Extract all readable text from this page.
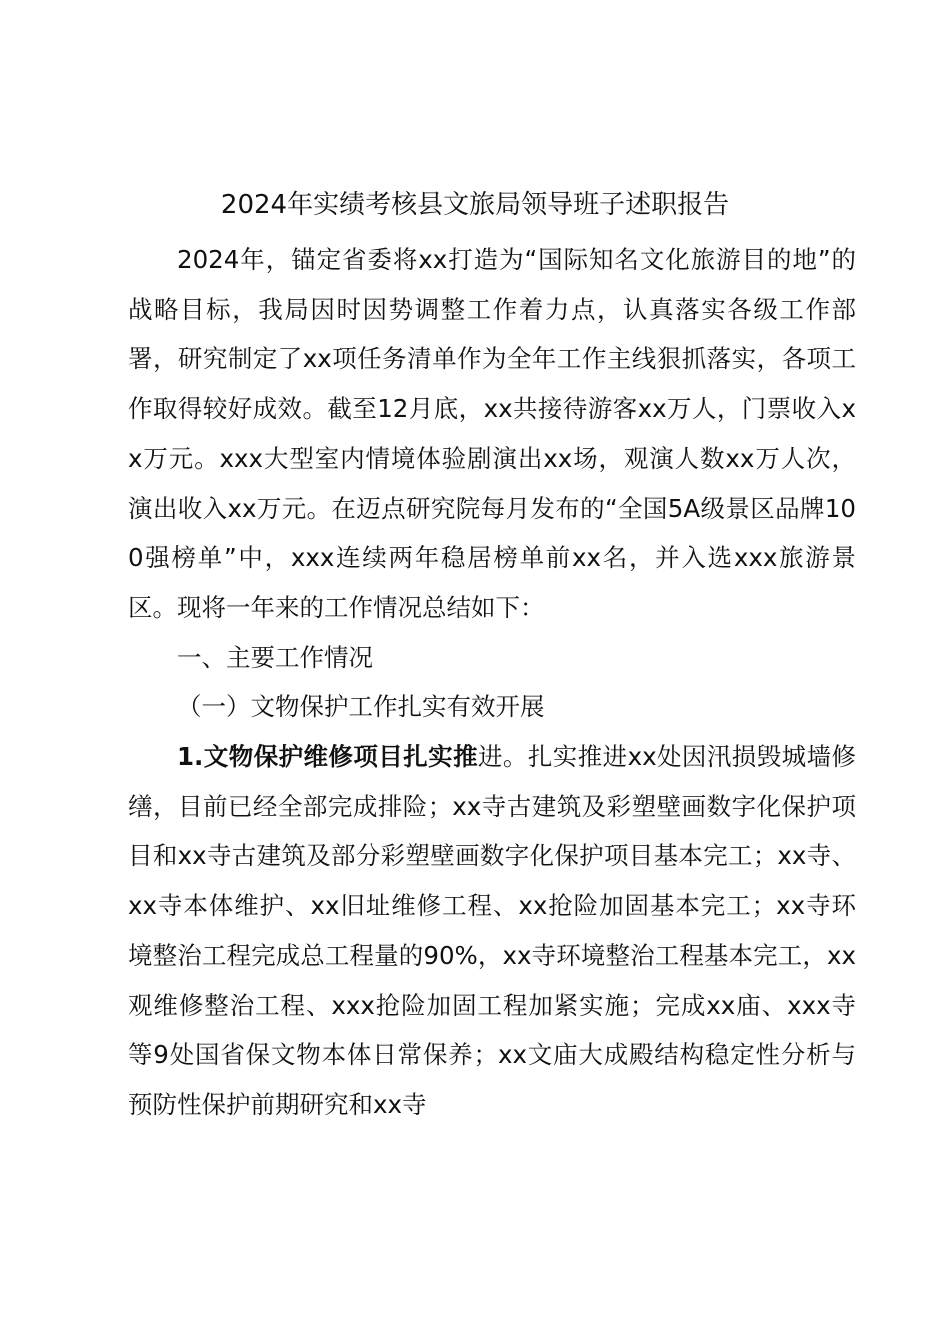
2024年实绩考核县文旅局领导班子述职报告

2024年，锚定省委将xx打造为“国际知名文化旅游目的地”的战略目标，我局因时因势调整工作着力点，认真落实各级工作部署，研究制定了xx项任务清单作为全年工作主线狠抓落实，各项工作取得较好成效。截至12月底，xx共接待游客xx万人，门票收入xx万元。xxx大型室内情境体验剧演出xx场，观演人数xx万人次，演出收入xx万元。在迈点研究院每月发布的“全国5A级景区品牌100强榜单”中，xxx连续两年稳居榜单前xx名，并入选xxx旅游景区。现将一年来的工作情况总结如下：

一、主要工作情况

（一）文物保护工作扎实有效开展

1.文物保护维修项目扎实推进。扎实推进xx处因汛损毁城墙修缮，目前已经全部完成排险；xx寺古建筑及彩塑壁画数字化保护项目和xx寺古建筑及部分彩塑壁画数字化保护项目基本完工；xx寺、xx寺本体维护、xx旧址维修工程、xx抢险加固基本完工；xx寺环境整治工程完成总工程量的90%，xx寺环境整治工程基本完工，xx观维修整治工程、xxx抢险加固工程加紧实施；完成xx庙、xxx寺等9处国省保文物本体日常保养；xx文庙大成殿结构稳定性分析与预防性保护前期研究和xx寺
